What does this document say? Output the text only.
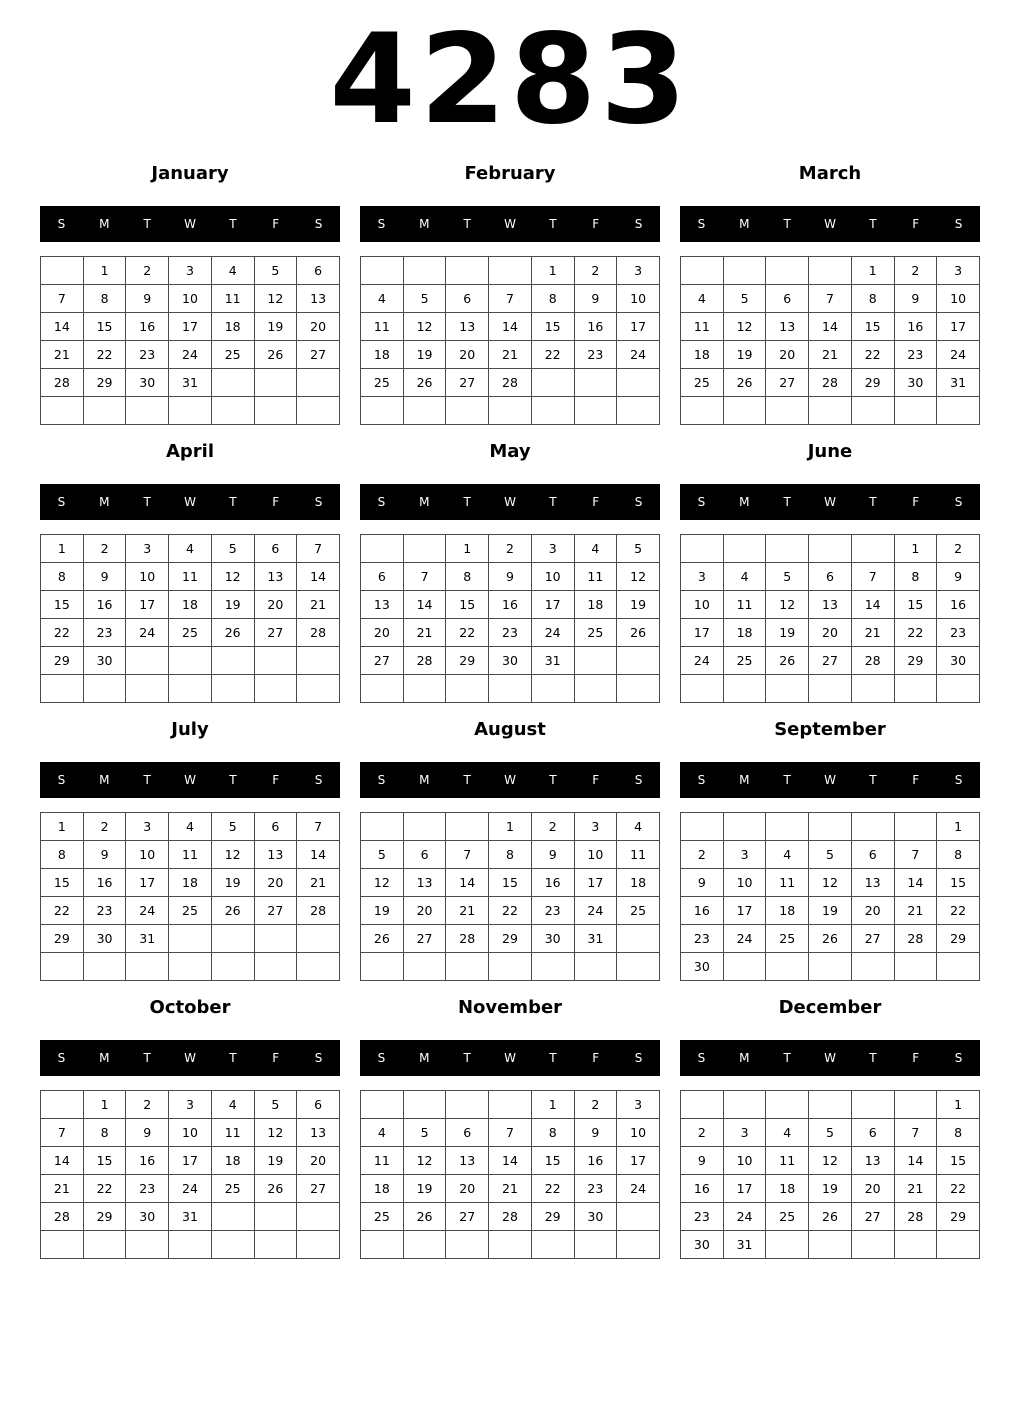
4283
January
S	M	T	W	T	F	S
	1	2	3	4	5	6
7	8	9	10	11	12	13
14	15	16	17	18	19	20
21	22	23	24	25	26	27
28	29	30	31			

February
S	M	T	W	T	F	S
				1	2	3
4	5	6	7	8	9	10
11	12	13	14	15	16	17
18	19	20	21	22	23	24
25	26	27	28			

March
S	M	T	W	T	F	S
				1	2	3
4	5	6	7	8	9	10
11	12	13	14	15	16	17
18	19	20	21	22	23	24
25	26	27	28	29	30	31

April
S	M	T	W	T	F	S
1	2	3	4	5	6	7
8	9	10	11	12	13	14
15	16	17	18	19	20	21
22	23	24	25	26	27	28
29	30					

May
S	M	T	W	T	F	S
		1	2	3	4	5
6	7	8	9	10	11	12
13	14	15	16	17	18	19
20	21	22	23	24	25	26
27	28	29	30	31		

June
S	M	T	W	T	F	S
					1	2
3	4	5	6	7	8	9
10	11	12	13	14	15	16
17	18	19	20	21	22	23
24	25	26	27	28	29	30

July
S	M	T	W	T	F	S
1	2	3	4	5	6	7
8	9	10	11	12	13	14
15	16	17	18	19	20	21
22	23	24	25	26	27	28
29	30	31				

August
S	M	T	W	T	F	S
			1	2	3	4
5	6	7	8	9	10	11
12	13	14	15	16	17	18
19	20	21	22	23	24	25
26	27	28	29	30	31	

September
S	M	T	W	T	F	S
						1
2	3	4	5	6	7	8
9	10	11	12	13	14	15
16	17	18	19	20	21	22
23	24	25	26	27	28	29
30						
October
S	M	T	W	T	F	S
	1	2	3	4	5	6
7	8	9	10	11	12	13
14	15	16	17	18	19	20
21	22	23	24	25	26	27
28	29	30	31			

November
S	M	T	W	T	F	S
				1	2	3
4	5	6	7	8	9	10
11	12	13	14	15	16	17
18	19	20	21	22	23	24
25	26	27	28	29	30	

December
S	M	T	W	T	F	S
						1
2	3	4	5	6	7	8
9	10	11	12	13	14	15
16	17	18	19	20	21	22
23	24	25	26	27	28	29
30	31					
